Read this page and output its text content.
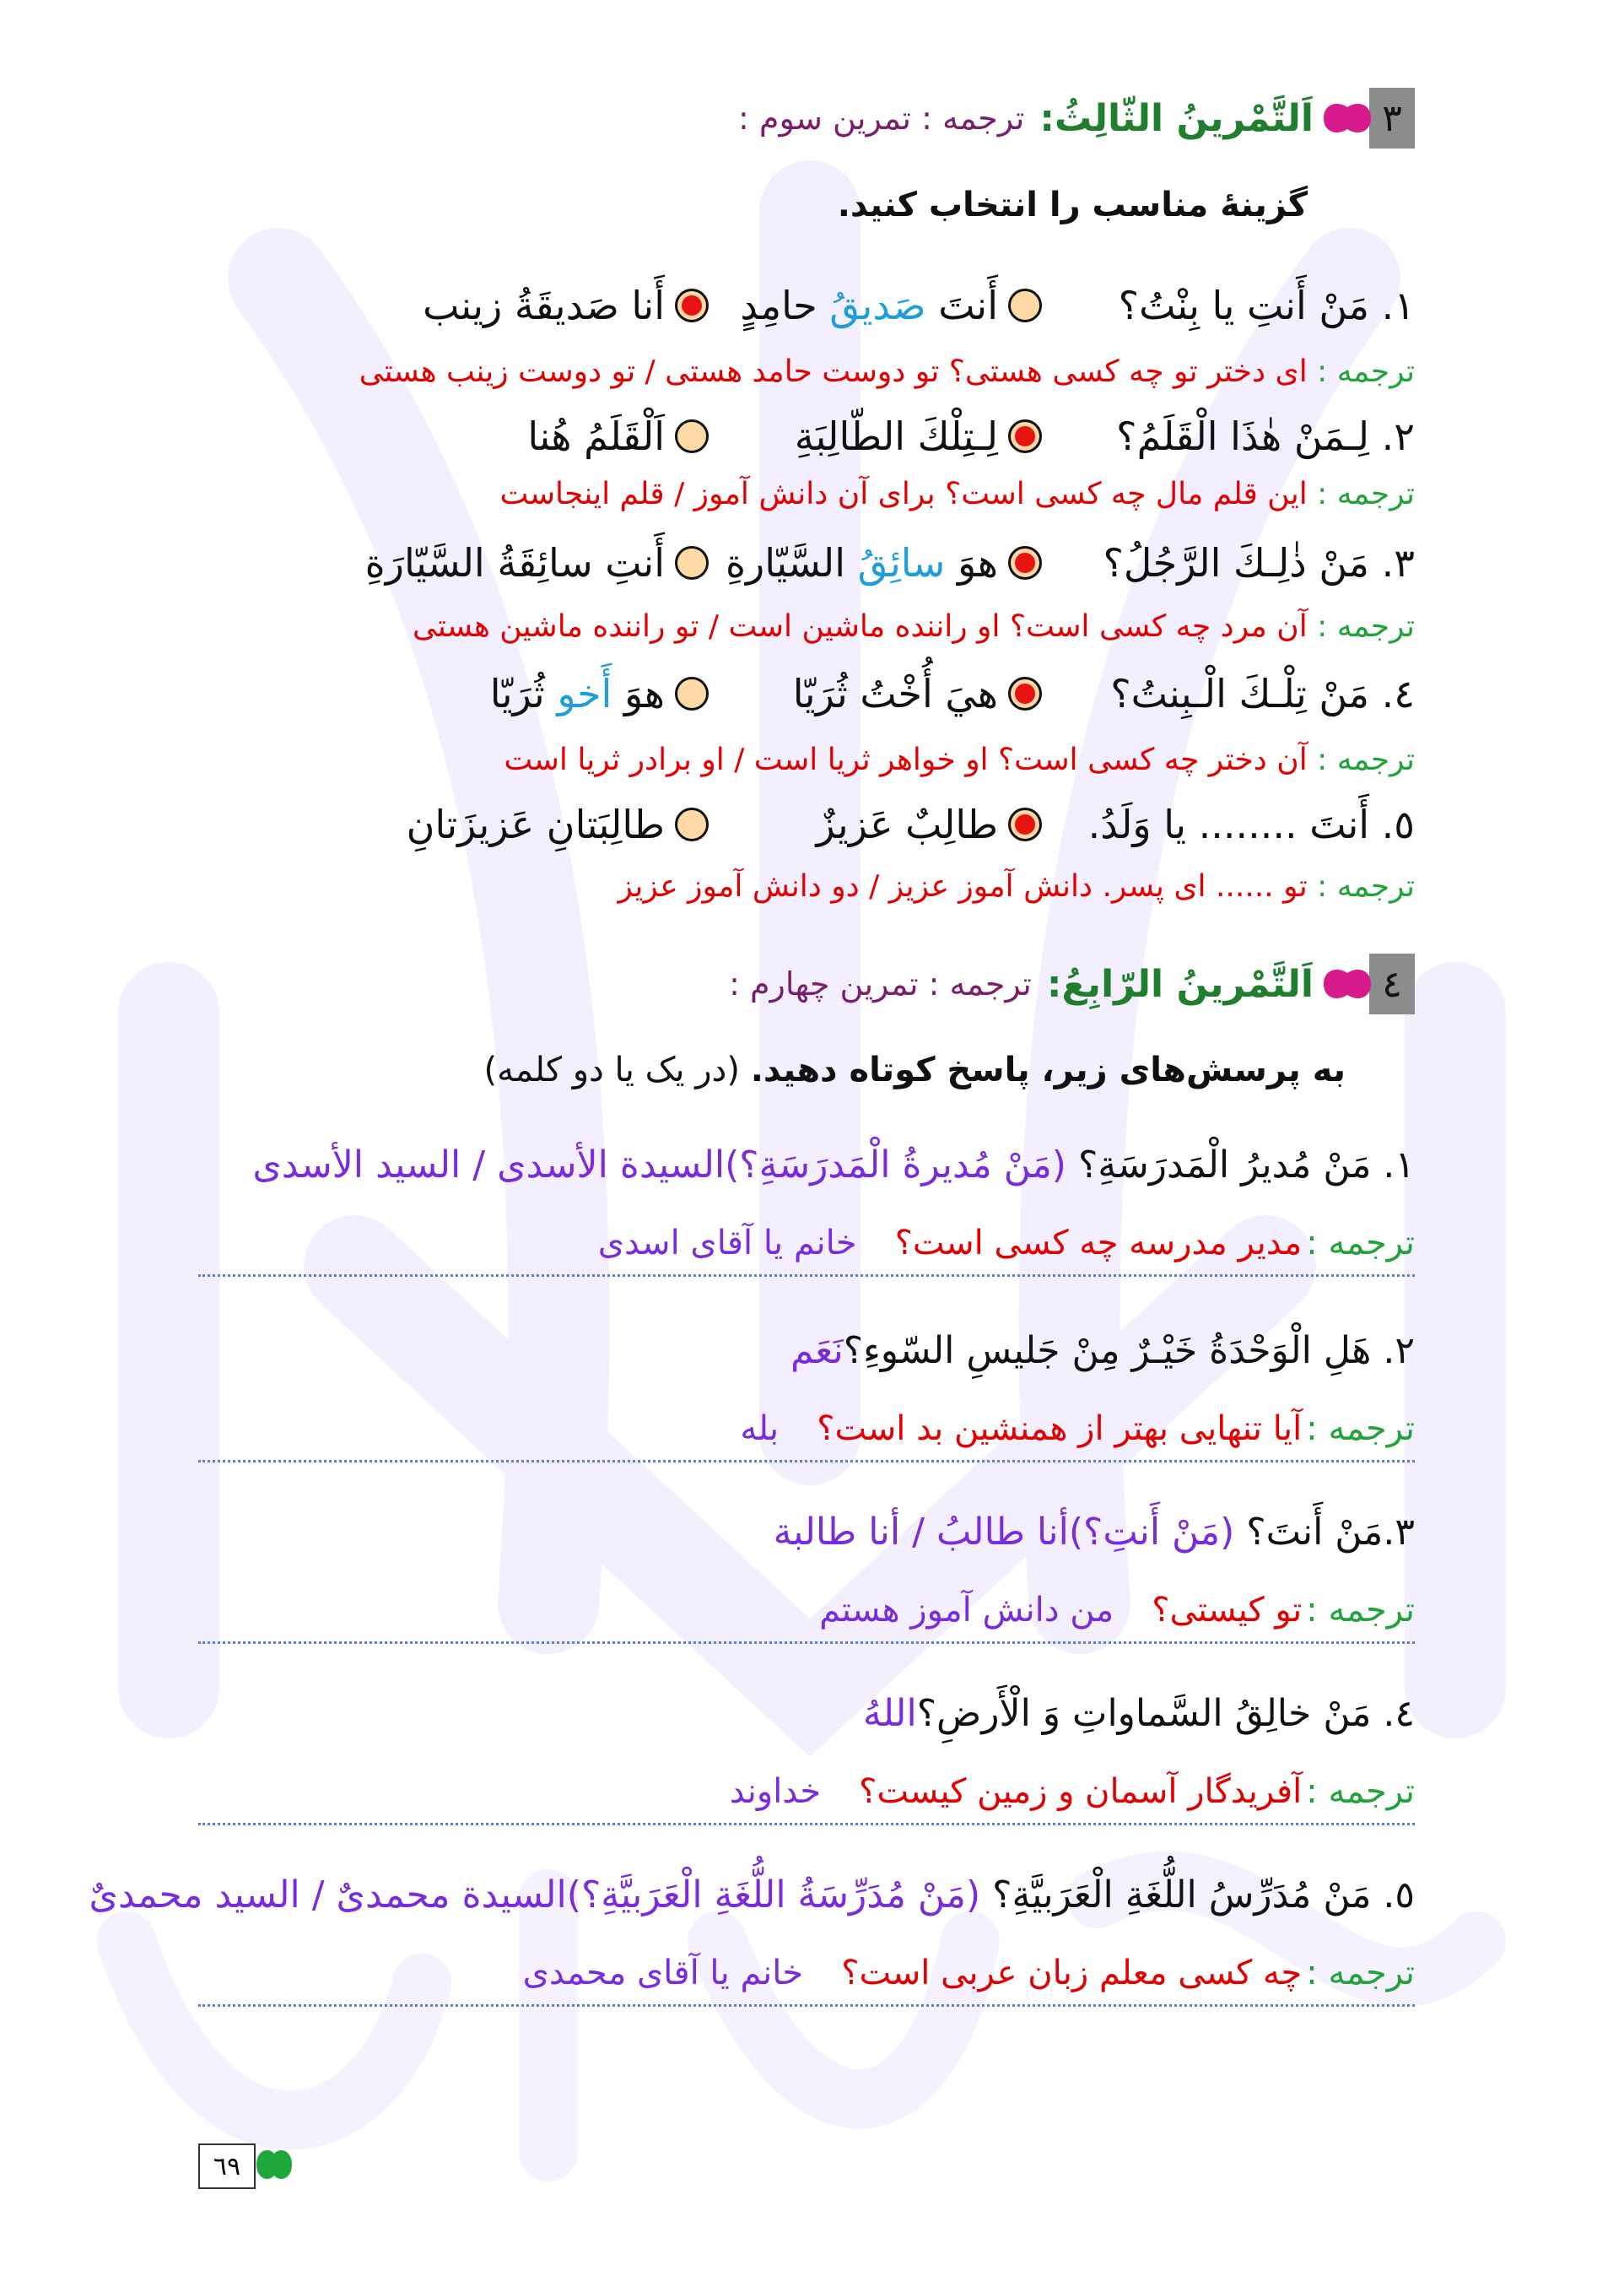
٣
اَلتَّمْرينُ الثّالِثُ:
ترجمه : تمرین سوم :
گزینهٔ مناسب را انتخاب کنید.
١. مَنْ أَنتِ یا بِنْتُ؟
أَنتَ صَدیقُ حامِدٍ
أَنا صَدیقَةُ زینب
ترجمه : ای دختر تو چه کسی هستی؟ تو دوست حامد هستی / تو دوست زینب هستی
٢. لِـمَنْ هٰذَا الْقَلَمُ؟
لِـتِلْكَ الطّالِبَةِ
اَلْقَلَمُ هُنا
ترجمه : این قلم مال چه کسی است؟ برای آن دانش آموز / قلم اینجاست
٣. مَنْ ذٰلِـكَ الرَّجُلُ؟
هوَ سائِقُ السَّیّارةِ
أَنتِ سائِقَةُ السَّیّارَةِ
ترجمه : آن مرد چه کسی است؟ او راننده ماشین است / تو راننده ماشین هستی
٤. مَنْ تِلْـكَ الْـبِنتُ؟
هيَ أُخْتُ ثُرَیّا
هوَ أَخو ثُرَیّا
ترجمه : آن دختر چه کسی است؟ او خواهر ثریا است / او برادر ثریا است
٥. أَنتَ ........ یا وَلَدُ.
طالِبٌ عَزیزٌ
طالِبَتانِ عَزیزَتانِ
ترجمه : تو ...... ای پسر. دانش آموز عزیز / دو دانش آموز عزیز
٤
اَلتَّمْرينُ الرّابِعُ:
ترجمه : تمرین چهارم :
به پرسش‌های زیر، پاسخ کوتاه دهید. (در یک یا دو کلمه)
١. مَنْ مُدیرُ الْمَدرَسَةِ؟ (مَنْ مُدیرةُ الْمَدرَسَةِ؟)السیدة الأسدی / السید الأسدی
ترجمه : مدیر مدرسه چه کسی است؟ خانم یا آقای اسدی
٢. هَلِ الْوَحْدَةُ خَیْـرٌ مِنْ جَلیسِ السّوءِ؟نَعَم
ترجمه : آیا تنهایی بهتر از همنشین بد است؟ بله
٣.مَنْ أَنتَ؟ (مَنْ أَنتِ؟)أنا طالبُ / أنا طالبة
ترجمه : تو کیستی؟ من دانش آموز هستم
٤. مَنْ خالِقُ السَّماواتِ وَ الْأَرضِ؟اللهُ
ترجمه : آفریدگار آسمان و زمین کیست؟ خداوند
٥. مَنْ مُدَرِّسُ اللُّغَةِ الْعَرَبیَّةِ؟ (مَنْ مُدَرِّسَةُ اللُّغَةِ الْعَرَبیَّةِ؟)السیدة محمدیٌ / السید محمدیٌ
ترجمه : چه کسی معلم زبان عربی است؟ خانم یا آقای محمدی
٦٩
